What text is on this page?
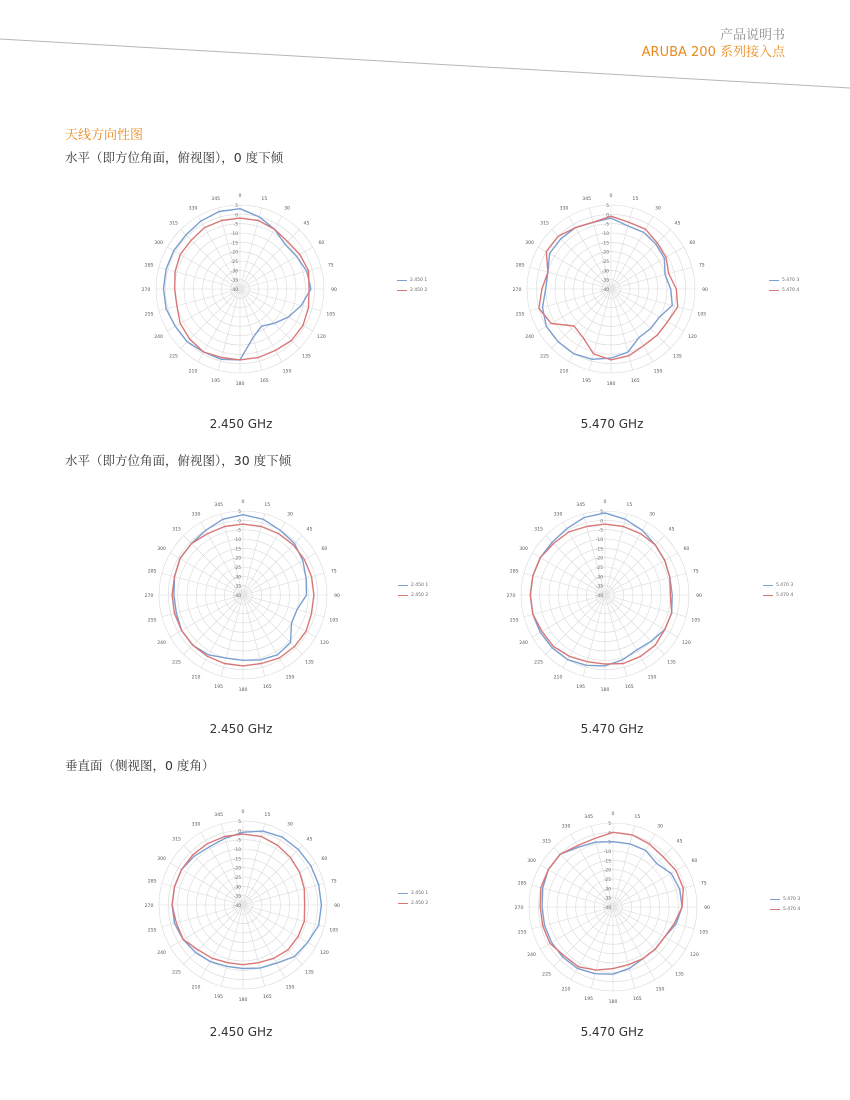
产品说明书
ARUBA 200 系列接入点
天线方向性图
水平（即方位角面，俯视图），0 度下倾
水平（即方位角面，俯视图），30 度下倾
垂直面（侧视图，0 度角）
0
15
30
45
60
75
90
105
120
135
150
165
180
195
210
225
240
255
270
285
300
315
330
345
5
0
-5
-10
-15
-20
-25
-30
-35
-40
0
15
30
45
60
75
90
105
120
135
150
165
180
195
210
225
240
255
270
285
300
315
330
345
5
0
-5
-10
-15
-20
-25
-30
-35
-40
0
15
30
45
60
75
90
105
120
135
150
165
180
195
210
225
240
255
270
285
300
315
330
345
5
0
-5
-10
-15
-20
-25
-30
-35
-40
0
15
30
45
60
75
90
105
120
135
150
165
180
195
210
225
240
255
270
285
300
315
330
345
5
0
-5
-10
-15
-20
-25
-30
-35
-40
0
15
30
45
60
75
90
105
120
135
150
165
180
195
210
225
240
255
270
285
300
315
330
345
5
0
-5
-10
-15
-20
-25
-30
-35
-40
0
15
30
45
60
75
90
105
120
135
150
165
180
195
210
225
240
255
270
285
300
315
330
345
5
0
-5
-10
-15
-20
-25
-30
-35
-40
2.450 1
2.450 2
5.470 3
5.470 4
2.450 1
2.450 2
5.470 3
5.470 4
2.450 1
2.450 2
5.470 3
5.470 4
2.450 GHz	5.470 GHz
2.450 GHz	5.470 GHz
2.450 GHz	5.470 GHz
